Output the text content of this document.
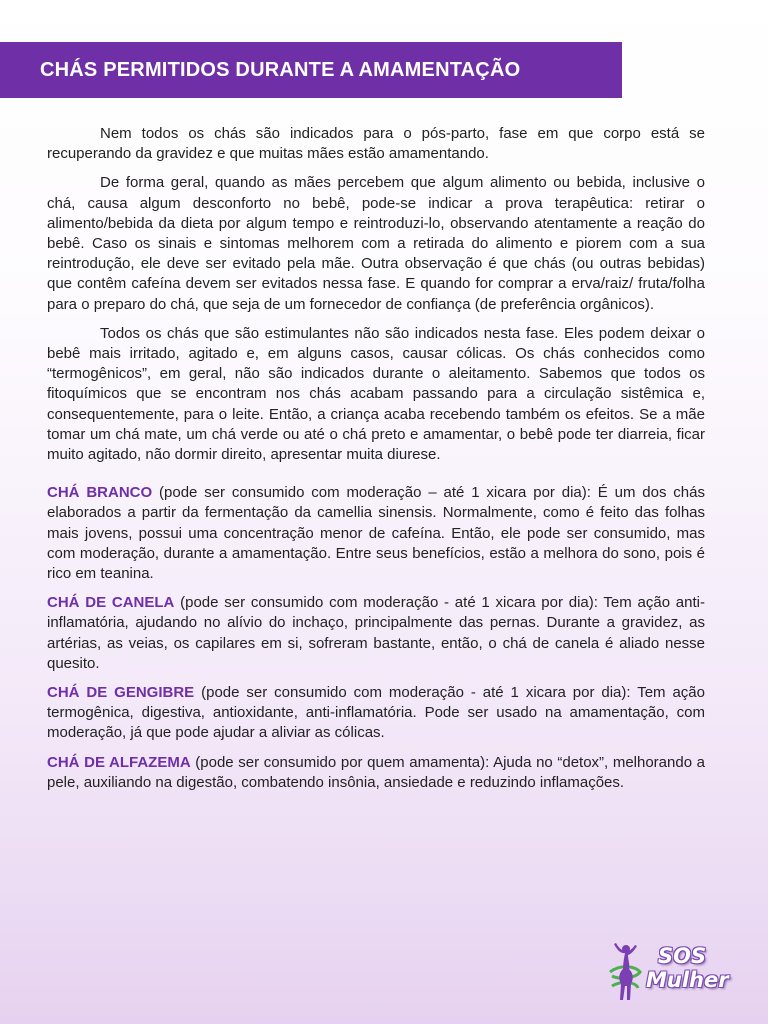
CHÁS PERMITIDOS DURANTE A AMAMENTAÇÃO

Nem todos os chás são indicados para o pós-parto, fase em que corpo está se recuperando da gravidez e que muitas mães estão amamentando.

De forma geral, quando as mães percebem que algum alimento ou bebida, inclusive o chá, causa algum desconforto no bebê, pode-se indicar a prova terapêutica: retirar o alimento/bebida da dieta por algum tempo e reintroduzi-lo, observando atentamente a reação do bebê. Caso os sinais e sintomas melhorem com a retirada do alimento e piorem com a sua reintrodução, ele deve ser evitado pela mãe. Outra observação é que chás (ou outras bebidas) que contêm cafeína devem ser evitados nessa fase. E quando for comprar a erva/raiz/ fruta/folha para o preparo do chá, que seja de um fornecedor de confiança (de preferência orgânicos).

Todos os chás que são estimulantes não são indicados nesta fase. Eles podem deixar o bebê mais irritado, agitado e, em alguns casos, causar cólicas. Os chás conhecidos como “termogênicos”, em geral, não são indicados durante o aleitamento. Sabemos que todos os fitoquímicos que se encontram nos chás acabam passando para a circulação sistêmica e, consequentemente, para o leite. Então, a criança acaba recebendo também os efeitos. Se a mãe tomar um chá mate, um chá verde ou até o chá preto e amamentar, o bebê pode ter diarreia, ficar muito agitado, não dormir direito, apresentar muita diurese.

CHÁ BRANCO (pode ser consumido com moderação – até 1 xicara por dia): É um dos chás elaborados a partir da fermentação da camellia sinensis. Normalmente, como é feito das folhas mais jovens, possui uma concentração menor de cafeína. Então, ele pode ser consumido, mas com moderação, durante a amamentação. Entre seus benefícios, estão a melhora do sono, pois é rico em teanina.

CHÁ DE CANELA (pode ser consumido com moderação - até 1 xicara por dia): Tem ação anti-inflamatória, ajudando no alívio do inchaço, principalmente das pernas. Durante a gravidez, as artérias, as veias, os capilares em si, sofreram bastante, então, o chá de canela é aliado nesse quesito.

CHÁ DE GENGIBRE (pode ser consumido com moderação - até 1 xicara por dia): Tem ação termogênica, digestiva, antioxidante, anti-inflamatória. Pode ser usado na amamentação, com moderação, já que pode ajudar a aliviar as cólicas.

CHÁ DE ALFAZEMA (pode ser consumido por quem amamenta): Ajuda no “detox”, melhorando a pele, auxiliando na digestão, combatendo insônia, ansiedade e reduzindo inflamações.

SOS
Mulher
